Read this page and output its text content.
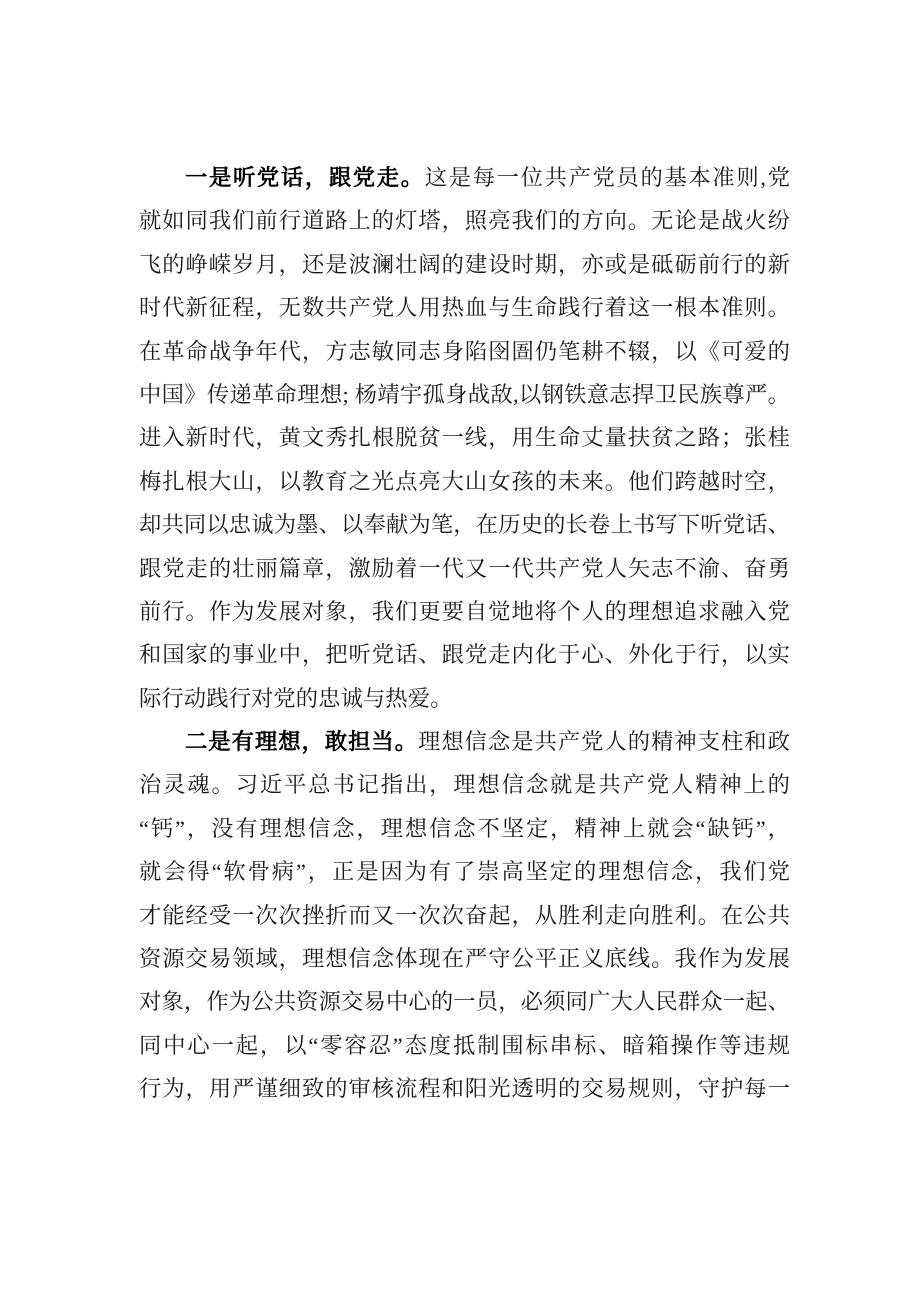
一是听党话，跟党走。这是每一位共产党员的基本准则,党
就如同我们前行道路上的灯塔，照亮我们的方向。无论是战火纷
飞的峥嵘岁月，还是波澜壮阔的建设时期，亦或是砥砺前行的新
时代新征程，无数共产党人用热血与生命践行着这一根本准则。
在革命战争年代，方志敏同志身陷囹圄仍笔耕不辍，以《可爱的
中国》传递革命理想; 杨靖宇孤身战敌,以钢铁意志捍卫民族尊严。
进入新时代，黄文秀扎根脱贫一线，用生命丈量扶贫之路；张桂
梅扎根大山，以教育之光点亮大山女孩的未来。他们跨越时空，
却共同以忠诚为墨、以奉献为笔，在历史的长卷上书写下听党话、
跟党走的壮丽篇章，激励着一代又一代共产党人矢志不渝、奋勇
前行。作为发展对象，我们更要自觉地将个人的理想追求融入党
和国家的事业中，把听党话、跟党走内化于心、外化于行，以实
际行动践行对党的忠诚与热爱。
二是有理想，敢担当。理想信念是共产党人的精神支柱和政
治灵魂。习近平总书记指出，理想信念就是共产党人精神上的
“钙”，没有理想信念，理想信念不坚定，精神上就会“缺钙”，
就会得“软骨病”，正是因为有了崇高坚定的理想信念，我们党
才能经受一次次挫折而又一次次奋起，从胜利走向胜利。在公共
资源交易领域，理想信念体现在严守公平正义底线。我作为发展
对象，作为公共资源交易中心的一员，必须同广大人民群众一起、
同中心一起，以“零容忍”态度抵制围标串标、暗箱操作等违规
行为，用严谨细致的审核流程和阳光透明的交易规则，守护每一
